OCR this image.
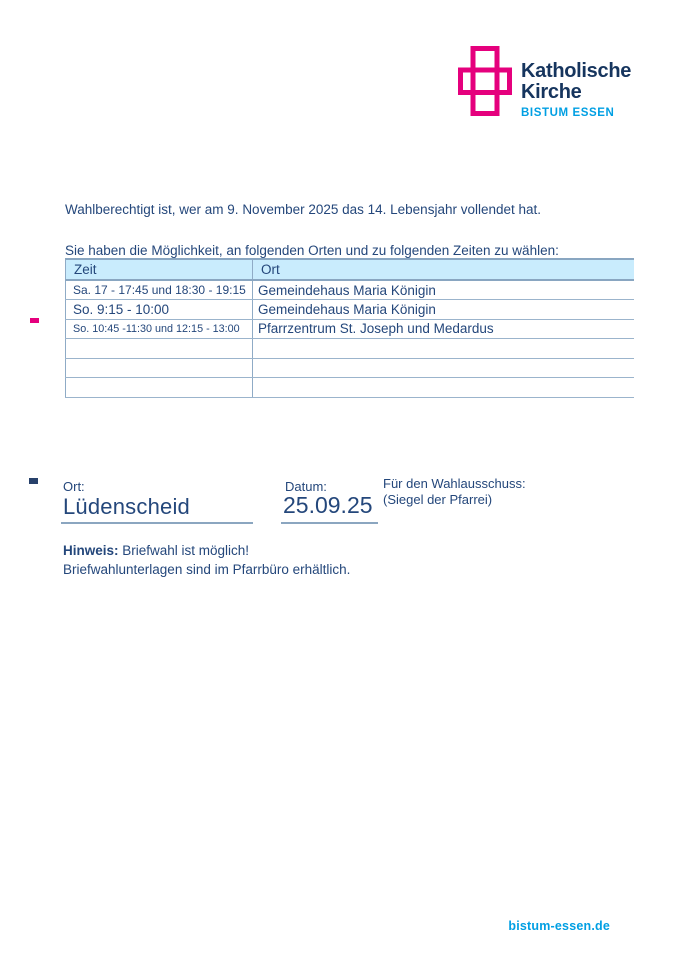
Katholische
Kirche
BISTUM ESSEN
Wahlberechtigt ist, wer am 9. November 2025 das 14. Lebensjahr vollendet hat.
Sie haben die Möglichkeit, an folgenden Orten und zu folgenden Zeiten zu wählen:
Zeit	Ort
Sa. 17 - 17:45 und 18:30 - 19:15	Gemeindehaus Maria Königin
So. 9:15 - 10:00	Gemeindehaus Maria Königin
So. 10:45 -11:30 und 12:15 - 13:00	Pfarrzentrum St. Joseph und Medardus

Ort:
Lüdenscheid
Datum:
25.09.25
Für den Wahlausschuss:
(Siegel der Pfarrei)
Hinweis: Briefwahl ist möglich!
Briefwahlunterlagen sind im Pfarrbüro erhältlich.
bistum-essen.de
